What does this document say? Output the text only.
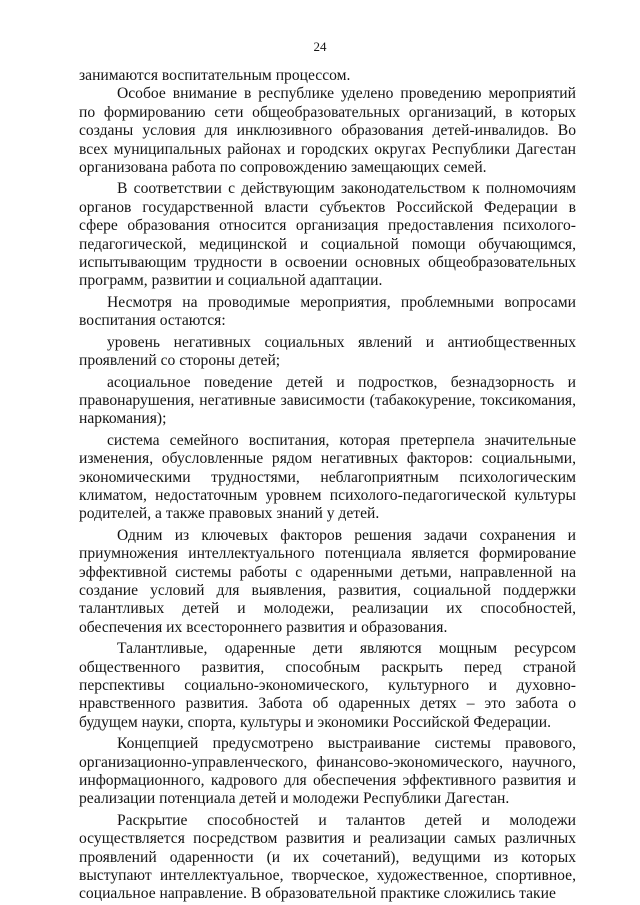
24

занимаются воспитательным процессом.

Особое внимание в республике уделено проведению мероприятий по формированию сети общеобразовательных организаций, в которых созданы условия для инклюзивного образования детей-инвалидов. Во всех муниципальных районах и городских округах Республики Дагестан организована работа по сопровождению замещающих семей.

В соответствии с действующим законодательством к полномочиям органов государственной власти субъектов Российской Федерации в сфере образования относится организация предоставления психолого-педагогической, медицинской и социальной помощи обучающимся, испытывающим трудности в освоении основных общеобразовательных программ, развитии и социальной адаптации.

Несмотря на проводимые мероприятия, проблемными вопросами воспитания остаются:

уровень негативных социальных явлений и антиобщественных проявлений со стороны детей;

асоциальное поведение детей и подростков, безнадзорность и правонарушения, негативные зависимости (табакокурение, токсикомания, наркомания);

система семейного воспитания, которая претерпела значительные изменения, обусловленные рядом негативных факторов: социальными, экономическими трудностями, неблагоприятным психологическим климатом, недостаточным уровнем психолого-педагогической культуры родителей, а также правовых знаний у детей.

Одним из ключевых факторов решения задачи сохранения и приумножения интеллектуального потенциала является формирование эффективной системы работы с одаренными детьми, направленной на создание условий для выявления, развития, социальной поддержки талантливых детей и молодежи, реализации их способностей, обеспечения их всестороннего развития и образования.

Талантливые, одаренные дети являются мощным ресурсом общественного развития, способным раскрыть перед страной перспективы социально-экономического, культурного и духовно-нравственного развития. Забота об одаренных детях – это забота о будущем науки, спорта, культуры и экономики Российской Федерации.

Концепцией предусмотрено выстраивание системы правового, организационно-управленческого, финансово-экономического, научного, информационного, кадрового для обеспечения эффективного развития и реализации потенциала детей и молодежи Республики Дагестан.

Раскрытие способностей и талантов детей и молодежи осуществляется посредством развития и реализации самых различных проявлений одаренности (и их сочетаний), ведущими из которых выступают интеллектуальное, творческое, художественное, спортивное, социальное направление. В образовательной практике сложились такие
